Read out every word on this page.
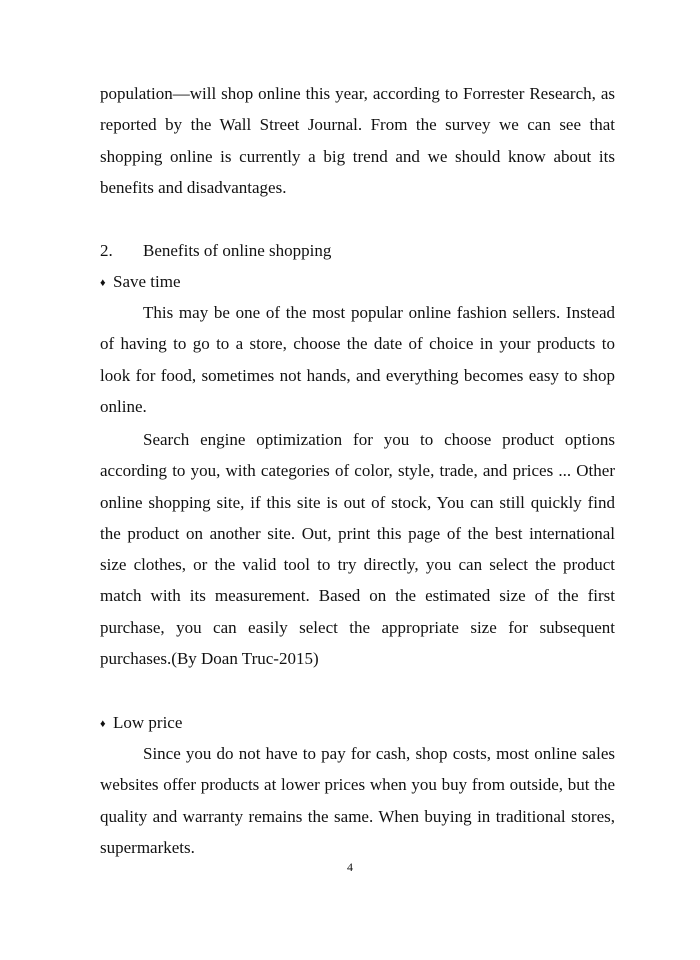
population—will shop online this year, according to Forrester Research, as reported by the Wall Street Journal. From the survey we can see that shopping online is currently a big trend and we should know about its benefits and disadvantages.

2. Benefits of online shopping

♦ Save time

This may be one of the most popular online fashion sellers. Instead of having to go to a store, choose the date of choice in your products to look for food, sometimes not hands, and everything becomes easy to shop online.

Search engine optimization for you to choose product options according to you, with categories of color, style, trade, and prices ... Other online shopping site, if this site is out of stock, You can still quickly find the product on another site. Out, print this page of the best international size clothes, or the valid tool to try directly, you can select the product match with its measurement. Based on the estimated size of the first purchase, you can easily select the appropriate size for subsequent purchases.(By Doan Truc-2015)

♦ Low price

Since you do not have to pay for cash, shop costs, most online sales websites offer products at lower prices when you buy from outside, but the quality and warranty remains the same. When buying in traditional stores, supermarkets.

4
